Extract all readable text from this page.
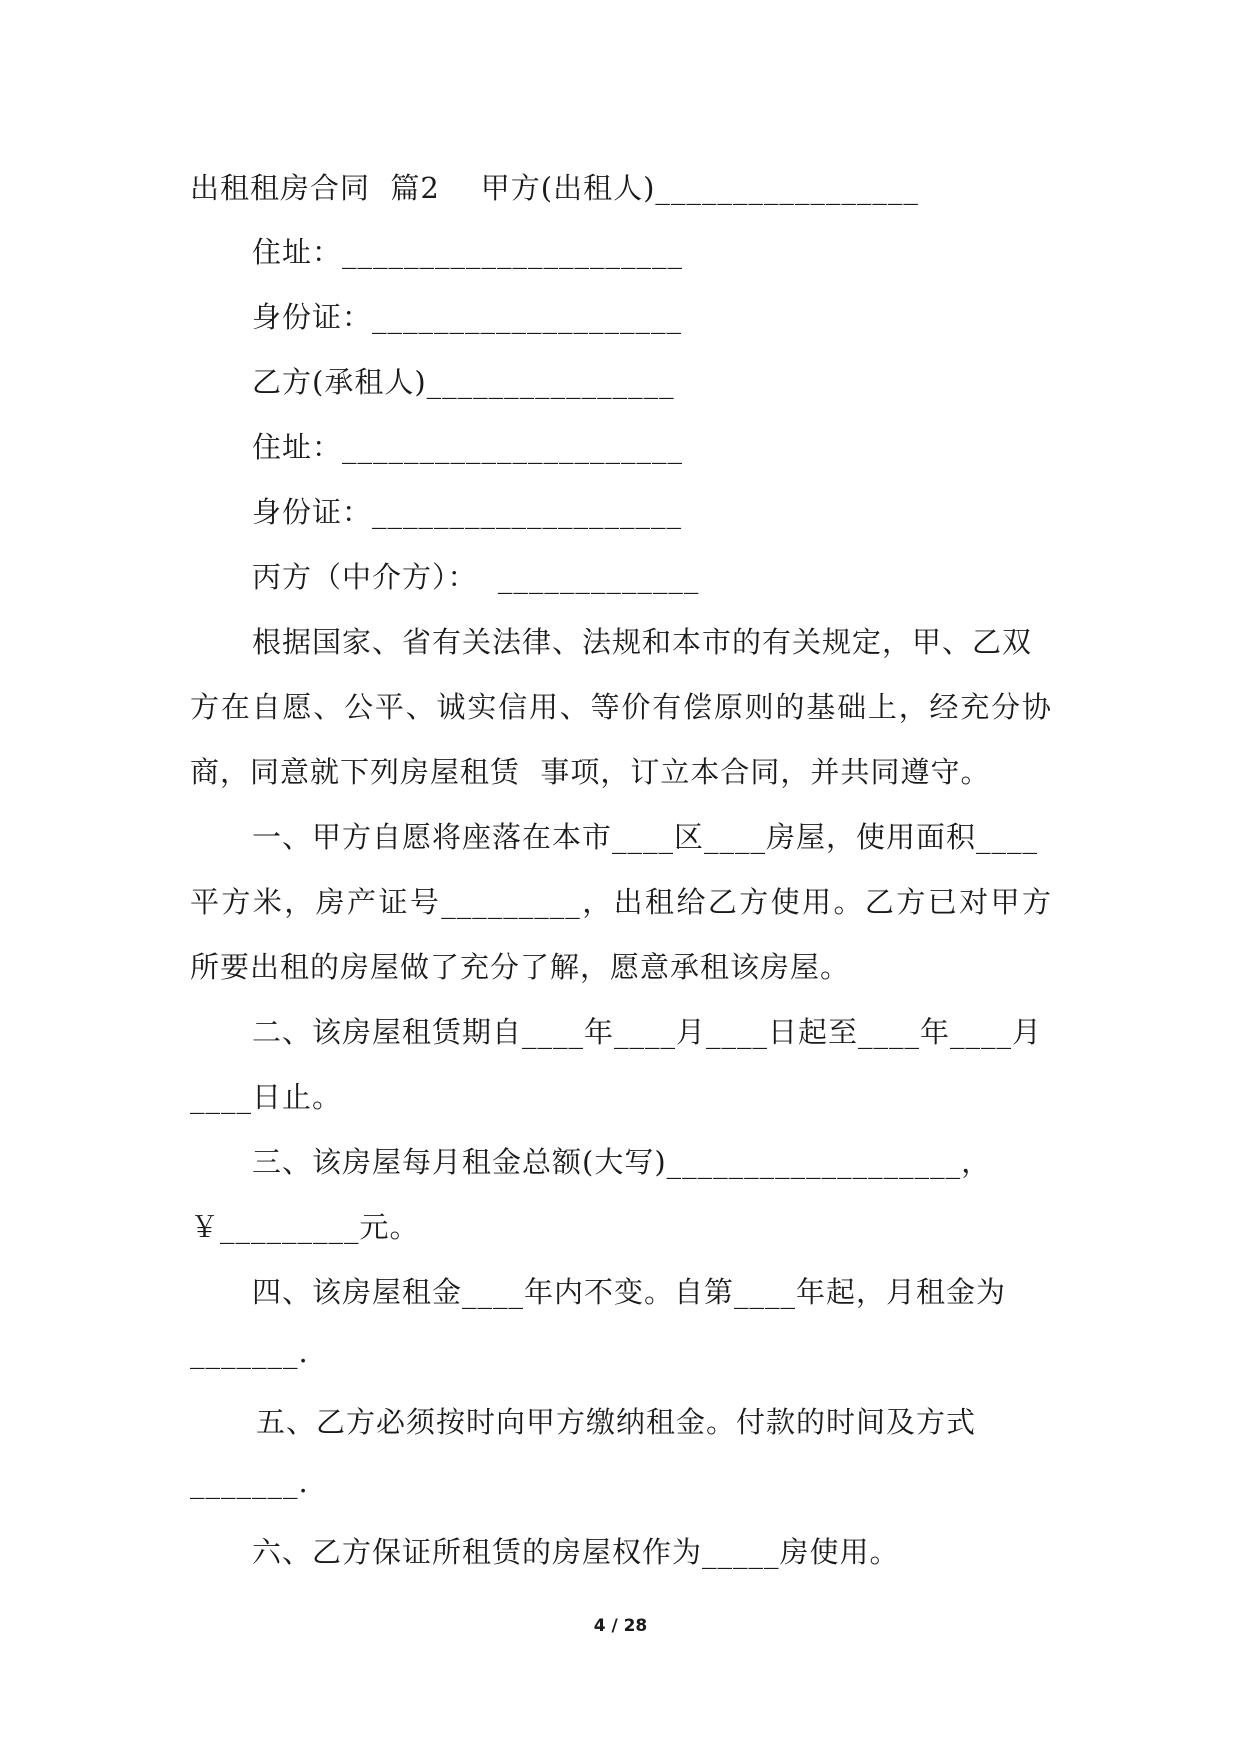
出租租房合同  篇2    甲方(出租人)_________________
住址：______________________
身份证：____________________
乙方(承租人)________________
住址：______________________
身份证：____________________
丙方（中介方）：  _____________
根据国家、省有关法律、法规和本市的有关规定，甲、乙双
方在自愿、公平、诚实信用、等价有偿原则的基础上，经充分协
商，同意就下列房屋租赁  事项，订立本合同，并共同遵守。
一、甲方自愿将座落在本市____区____房屋，使用面积____
平方米，房产证号_________，出租给乙方使用。乙方已对甲方
所要出租的房屋做了充分了解，愿意承租该房屋。
二、该房屋租赁期自____年____月____日起至____年____月
____日止。
三、该房屋每月租金总额(大写)___________________，
￥_________元。
四、该房屋租金____年内不变。自第____年起，月租金为
_______.
五、乙方必须按时向甲方缴纳租金。付款的时间及方式
_______.
六、乙方保证所租赁的房屋权作为_____房使用。
4 / 28
